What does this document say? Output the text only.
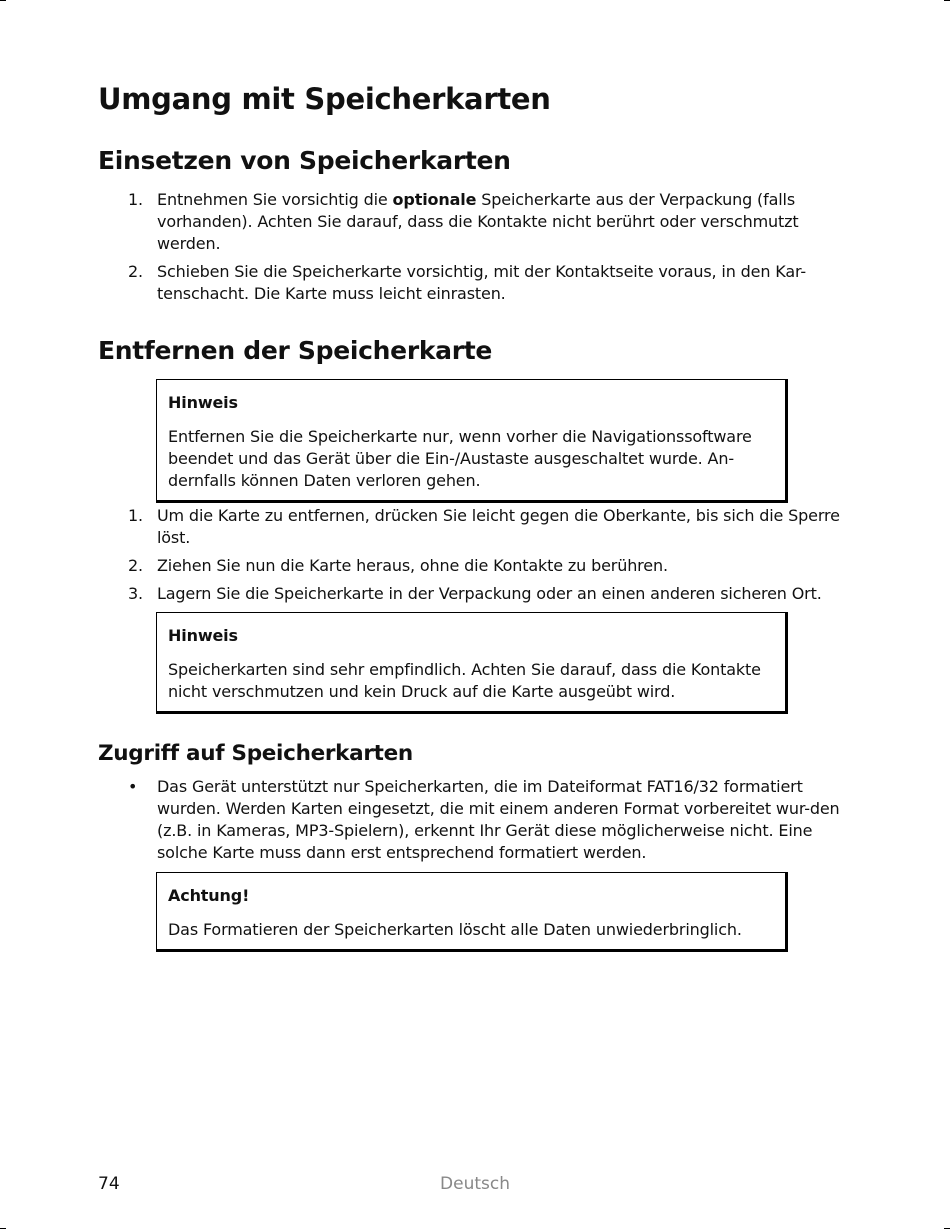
Umgang mit Speicherkarten
Einsetzen von Speicherkarten
1. Entnehmen Sie vorsichtig die optionale Speicherkarte aus der Verpackung (falls vorhanden). Achten Sie darauf, dass die Kontakte nicht berührt oder verschmutzt werden.
2. Schieben Sie die Speicherkarte vorsichtig, mit der Kontaktseite voraus, in den Kar-tenschacht. Die Karte muss leicht einrasten.
Entfernen der Speicherkarte
Hinweis
Entfernen Sie die Speicherkarte nur, wenn vorher die Navigationssoftware beendet und das Gerät über die Ein-/Austaste ausgeschaltet wurde. An-dernfalls können Daten verloren gehen.
1. Um die Karte zu entfernen, drücken Sie leicht gegen die Oberkante, bis sich die Sperre löst.
2. Ziehen Sie nun die Karte heraus, ohne die Kontakte zu berühren.
3. Lagern Sie die Speicherkarte in der Verpackung oder an einen anderen sicheren Ort.
Hinweis
Speicherkarten sind sehr empfindlich. Achten Sie darauf, dass die Kontakte nicht verschmutzen und kein Druck auf die Karte ausgeübt wird.
Zugriff auf Speicherkarten
• Das Gerät unterstützt nur Speicherkarten, die im Dateiformat FAT16/32 formatiert wurden. Werden Karten eingesetzt, die mit einem anderen Format vorbereitet wur-den (z.B. in Kameras, MP3-Spielern), erkennt Ihr Gerät diese möglicherweise nicht. Eine solche Karte muss dann erst entsprechend formatiert werden.
Achtung!
Das Formatieren der Speicherkarten löscht alle Daten unwiederbringlich.
74	Deutsch
